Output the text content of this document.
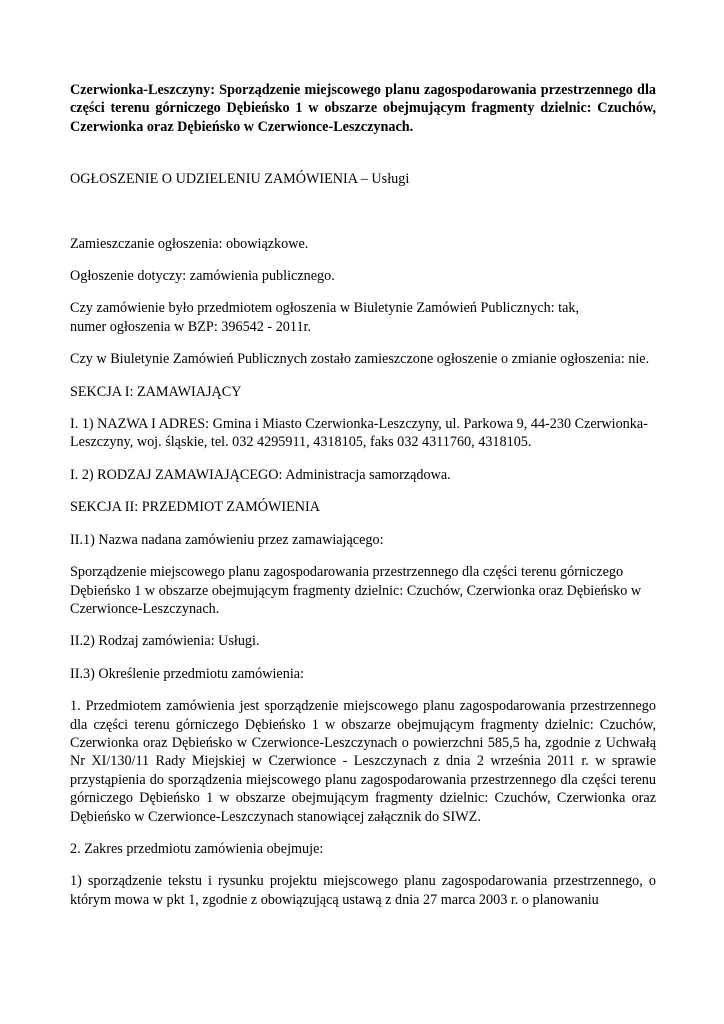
Czerwionka-Leszczyny: Sporządzenie miejscowego planu zagospodarowania przestrzennego dla części terenu górniczego Dębieńsko 1 w obszarze obejmującym fragmenty dzielnic: Czuchów, Czerwionka oraz Dębieńsko w Czerwionce-Leszczynach.

OGŁOSZENIE O UDZIELENIU ZAMÓWIENIA – Usługi

Zamieszczanie ogłoszenia: obowiązkowe.

Ogłoszenie dotyczy: zamówienia publicznego.

Czy zamówienie było przedmiotem ogłoszenia w Biuletynie Zamówień Publicznych: tak,
numer ogłoszenia w BZP: 396542 - 2011r.

Czy w Biuletynie Zamówień Publicznych zostało zamieszczone ogłoszenie o zmianie ogłoszenia: nie.

SEKCJA I: ZAMAWIAJĄCY

I. 1) NAZWA I ADRES: Gmina i Miasto Czerwionka-Leszczyny, ul. Parkowa 9, 44-230 Czerwionka-Leszczyny, woj. śląskie, tel. 032 4295911, 4318105, faks 032 4311760, 4318105.

I. 2) RODZAJ ZAMAWIAJĄCEGO: Administracja samorządowa.

SEKCJA II: PRZEDMIOT ZAMÓWIENIA

II.1) Nazwa nadana zamówieniu przez zamawiającego:

Sporządzenie miejscowego planu zagospodarowania przestrzennego dla części terenu górniczego Dębieńsko 1 w obszarze obejmującym fragmenty dzielnic: Czuchów, Czerwionka oraz Dębieńsko w Czerwionce-Leszczynach.

II.2) Rodzaj zamówienia: Usługi.

II.3) Określenie przedmiotu zamówienia:

1. Przedmiotem zamówienia jest sporządzenie miejscowego planu zagospodarowania przestrzennego dla części terenu górniczego Dębieńsko 1 w obszarze obejmującym fragmenty dzielnic: Czuchów, Czerwionka oraz Dębieńsko w Czerwionce-Leszczynach o powierzchni 585,5 ha, zgodnie z Uchwałą Nr XI/130/11 Rady Miejskiej w Czerwionce - Leszczynach z dnia 2 września 2011 r. w sprawie przystąpienia do sporządzenia miejscowego planu zagospodarowania przestrzennego dla części terenu górniczego Dębieńsko 1 w obszarze obejmującym fragmenty dzielnic: Czuchów, Czerwionka oraz Dębieńsko w Czerwionce-Leszczynach stanowiącej załącznik do SIWZ.

2. Zakres przedmiotu zamówienia obejmuje:

1) sporządzenie tekstu i rysunku projektu miejscowego planu zagospodarowania przestrzennego, o którym mowa w pkt 1, zgodnie z obowiązującą ustawą z dnia 27 marca 2003 r. o planowaniu
